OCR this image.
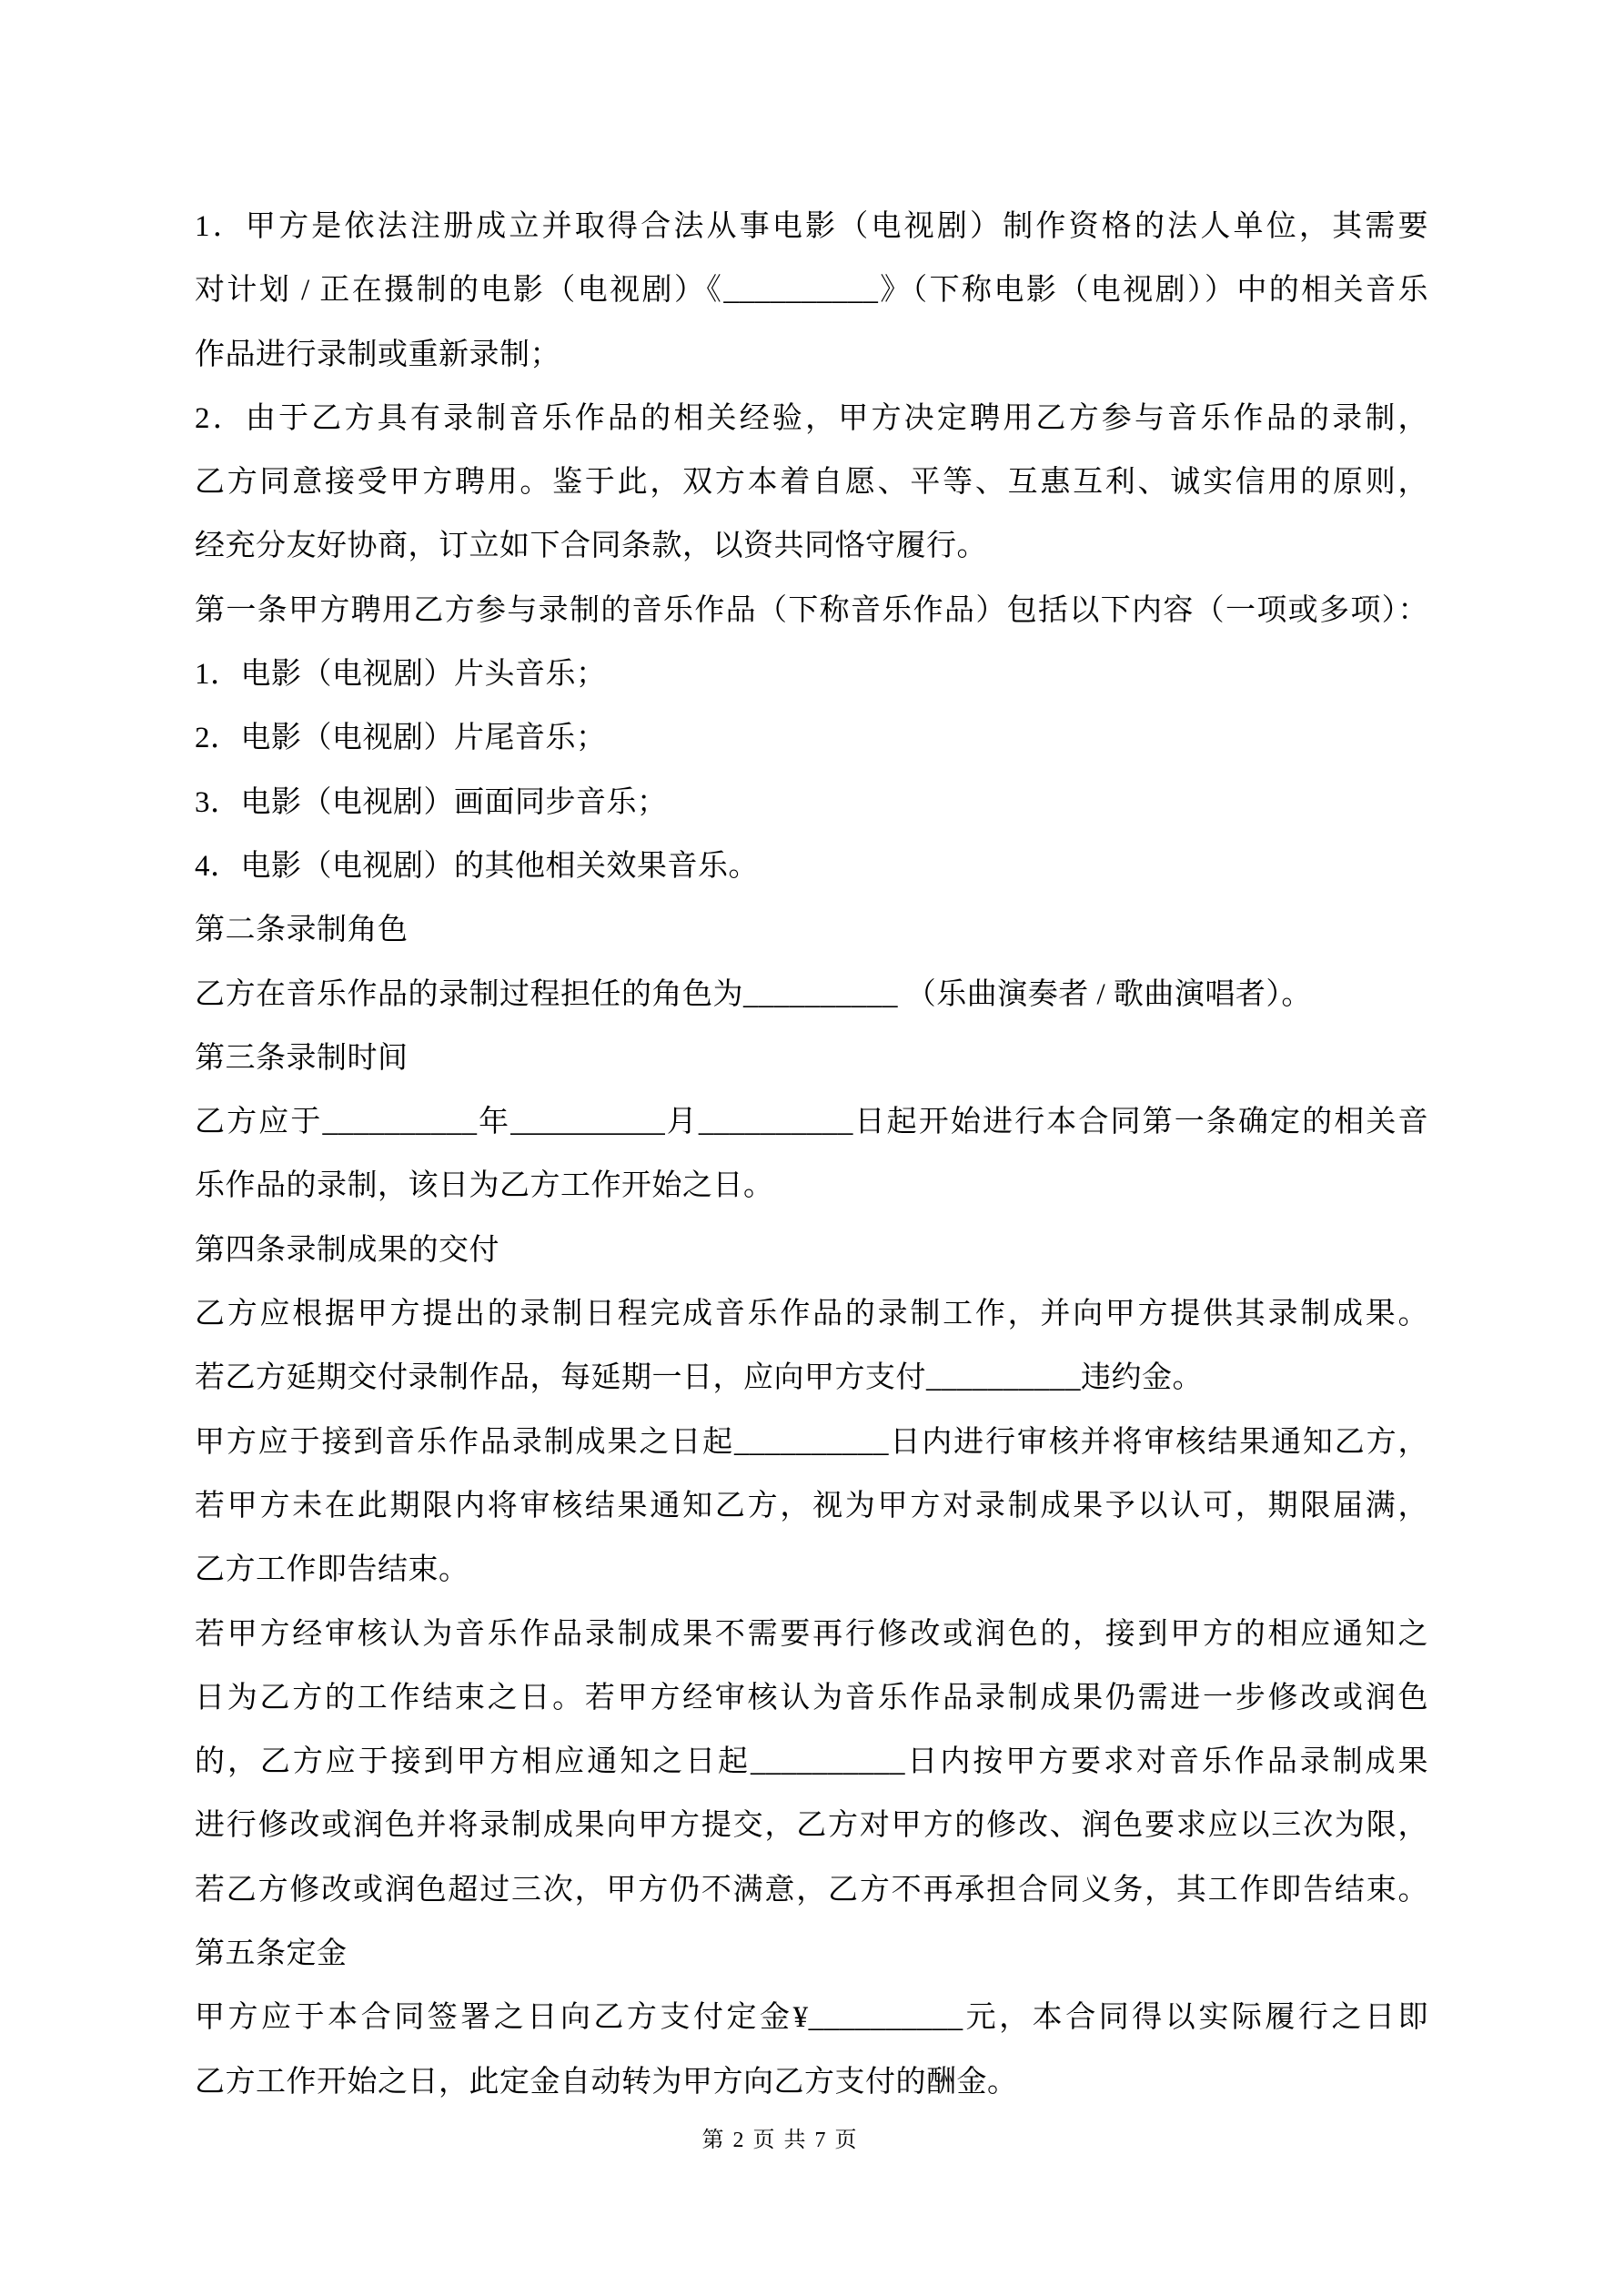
1．甲方是依法注册成立并取得合法从事电影（电视剧）制作资格的法人单位，其需要
对计划 / 正在摄制的电影（电视剧）《__________》（下称电影（电视剧））中的相关音乐
作品进行录制或重新录制；
2．由于乙方具有录制音乐作品的相关经验，甲方决定聘用乙方参与音乐作品的录制，
乙方同意接受甲方聘用。鉴于此，双方本着自愿、平等、互惠互利、诚实信用的原则，
经充分友好协商，订立如下合同条款，以资共同恪守履行。
第一条甲方聘用乙方参与录制的音乐作品（下称音乐作品）包括以下内容（一项或多项）：
1．电影（电视剧）片头音乐；
2．电影（电视剧）片尾音乐；
3．电影（电视剧）画面同步音乐；
4．电影（电视剧）的其他相关效果音乐。
第二条录制角色
乙方在音乐作品的录制过程担任的角色为__________ （乐曲演奏者 / 歌曲演唱者）。
第三条录制时间
乙方应于__________年__________月__________日起开始进行本合同第一条确定的相关音
乐作品的录制，该日为乙方工作开始之日。
第四条录制成果的交付
乙方应根据甲方提出的录制日程完成音乐作品的录制工作，并向甲方提供其录制成果。
若乙方延期交付录制作品，每延期一日，应向甲方支付__________违约金。
甲方应于接到音乐作品录制成果之日起__________日内进行审核并将审核结果通知乙方，
若甲方未在此期限内将审核结果通知乙方，视为甲方对录制成果予以认可，期限届满，
乙方工作即告结束。
若甲方经审核认为音乐作品录制成果不需要再行修改或润色的，接到甲方的相应通知之
日为乙方的工作结束之日。若甲方经审核认为音乐作品录制成果仍需进一步修改或润色
的，乙方应于接到甲方相应通知之日起__________日内按甲方要求对音乐作品录制成果
进行修改或润色并将录制成果向甲方提交，乙方对甲方的修改、润色要求应以三次为限，
若乙方修改或润色超过三次，甲方仍不满意，乙方不再承担合同义务，其工作即告结束。
第五条定金
甲方应于本合同签署之日向乙方支付定金¥__________元，本合同得以实际履行之日即
乙方工作开始之日，此定金自动转为甲方向乙方支付的酬金。
第 2 页 共 7 页
